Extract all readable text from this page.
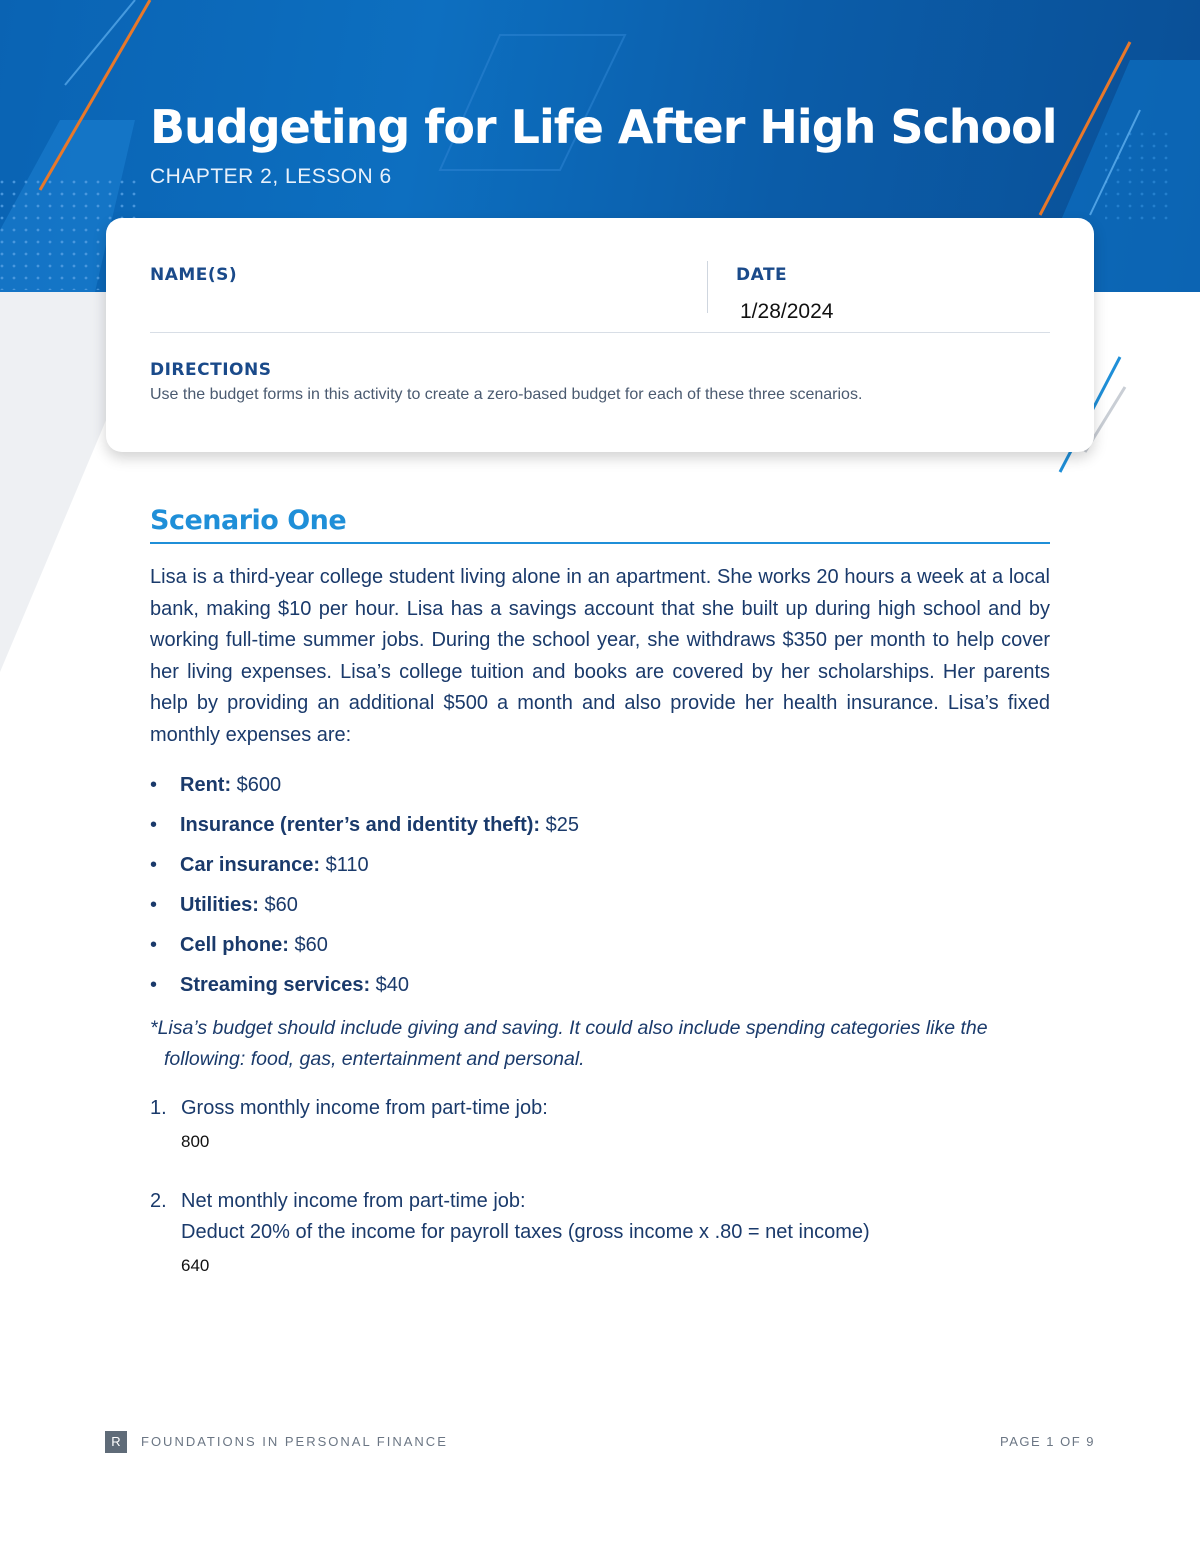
Budgeting for Life After High School
CHAPTER 2, LESSON 6
NAME(S)	DATE
1/28/2024
DIRECTIONS
Use the budget forms in this activity to create a zero-based budget for each of these three scenarios.
Scenario One

Lisa is a third-year college student living alone in an apartment. She works 20 hours a week at a local bank, making $10 per hour. Lisa has a savings account that she built up during high school and by working full-time summer jobs. During the school year, she withdraws $350 per month to help cover her living expenses. Lisa’s college tuition and books are covered by her scholarships. Her parents help by providing an additional $500 a month and also provide her health insurance. Lisa’s fixed monthly expenses are:

• Rent: $600
• Insurance (renter’s and identity theft): $25
• Car insurance: $110
• Utilities: $60
• Cell phone: $60
• Streaming services: $40

*Lisa’s budget should include giving and saving. It could also include spending categories like the following: food, gas, entertainment and personal.

1. Gross monthly income from part-time job:
800
2. Net monthly income from part-time job:
Deduct 20% of the income for payroll taxes (gross income x .80 = net income)
640
R	FOUNDATIONS IN PERSONAL FINANCE	PAGE 1 OF 9
